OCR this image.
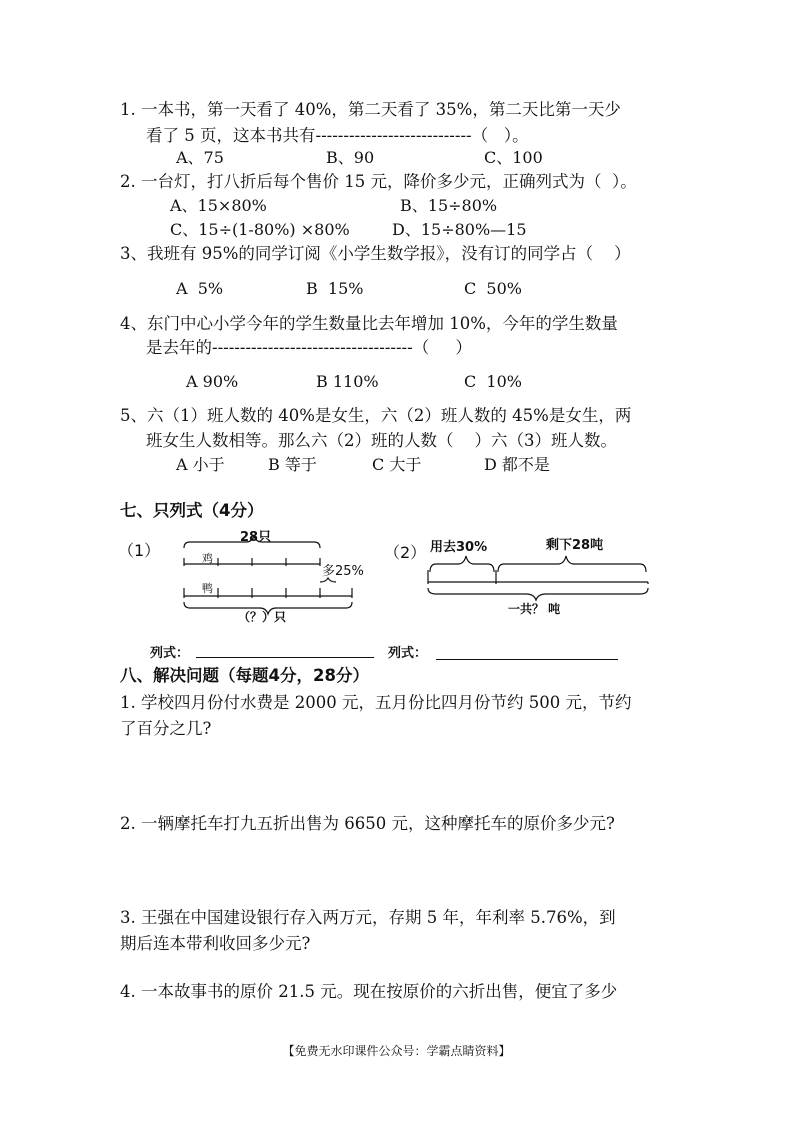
1. 一本书，第一天看了 40%，第二天看了 35%，第二天比第一天少
看了 5 页，这本书共有----------------------------（   ）。
A、75	B、90	C、100
2. 一台灯，打八折后每个售价 15 元，降价多少元，正确列式为（  ）。
A、15×80%	B、15÷80%
C、15÷(1-80%) ×80%	D、15÷80%—15
3、我班有 95%的同学订阅《小学生数学报》，没有订的同学占（    ）
A  5%	B  15%	C  50%
4、东门中心小学今年的学生数量比去年增加 10%，今年的学生数量
是去年的------------------------------------（     ）
A 90%	B 110%	C  10%
5、六（1）班人数的 40%是女生，六（2）班人数的 45%是女生，两
班女生人数相等。那么六（2）班的人数（    ）六（3）班人数。
A 小于	B 等于	C 大于	D 都不是
七、只列式（4分）
（1）
28只
鸡
鸭
多25%
（？）只
（2） 用去30%	剩下28吨
一共？ 吨
列式：	列式：
八、解决问题（每题4分，28分）
1. 学校四月份付水费是 2000 元，五月份比四月份节约 500 元，节约
了百分之几?
2. 一辆摩托车打九五折出售为 6650 元，这种摩托车的原价多少元?
3. 王强在中国建设银行存入两万元，存期 5 年，年利率 5.76%，到
期后连本带利收回多少元?
4. 一本故事书的原价 21.5 元。现在按原价的六折出售，便宜了多少
【免费无水印课件公众号：学霸点睛资料】
